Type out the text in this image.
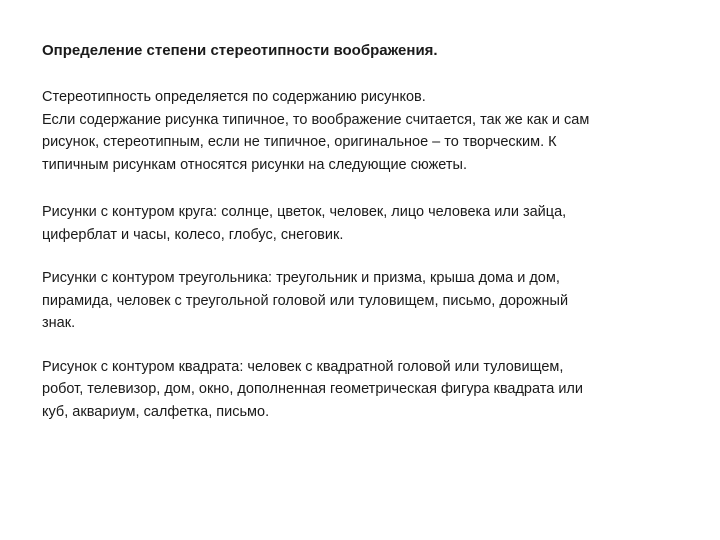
Определение степени стереотипности воображения.
Стереотипность определяется по содержанию рисунков.
Если содержание рисунка типичное, то воображение считается, так же как и сам
рисунок, стереотипным, если не типичное, оригинальное – то творческим. К
типичным рисункам относятся рисунки на следующие сюжеты.
Рисунки с контуром круга: солнце, цветок, человек, лицо человека или зайца,
циферблат и часы, колесо, глобус, снеговик.
Рисунки с контуром треугольника: треугольник и призма, крыша дома и дом,
пирамида, человек с треугольной головой или туловищем, письмо, дорожный
знак.
Рисунок с контуром квадрата: человек с квадратной головой или туловищем,
робот, телевизор, дом, окно, дополненная геометрическая фигура квадрата или
куб, аквариум, салфетка, письмо.
